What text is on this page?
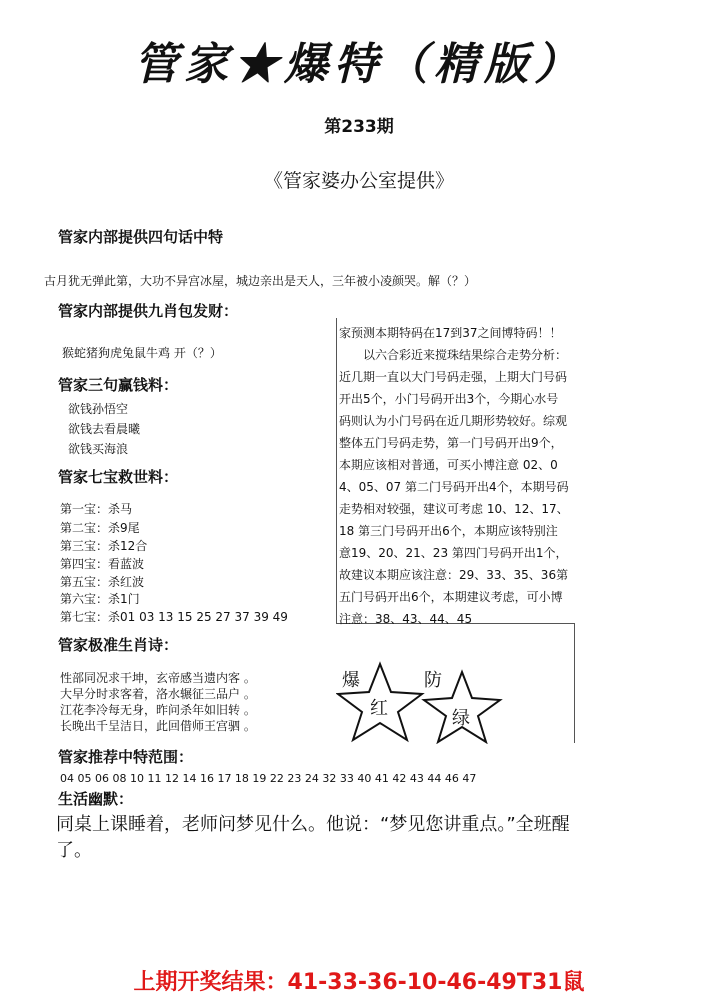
管家★爆特（精版）
第233期
《管家婆办公室提供》
管家内部提供四句话中特
古月犹无弹此第，大功不异宫冰屋，城边亲出是天人，三年被小凌颜哭。解（？）
管家内部提供九肖包发财：
猴蛇猪狗虎兔鼠牛鸡 开（？）
管家三句赢钱料：
欲钱孙悟空
欲钱去看晨曦
欲钱买海浪
管家七宝救世料：
第一宝：杀马
第二宝：杀9尾
第三宝：杀12合
第四宝：看蓝波
第五宝：杀红波
第六宝：杀1门
第七宝：杀01 03 13 15 25 27 37 39 49
管家极准生肖诗：
性部同况求干坤，玄帝感当遗内客 。
大早分时求客着，洛水辗征三品户 。
江花李冷每无身，昨问杀年如旧转 。
长晚出千呈洁日，此回借师王宫驷 。

家预测本期特码在17到37之间博特码！！

以六合彩近来搅珠结果综合走势分析：近几期一直以大门号码走强，上期大门号码开出5个，小门号码开出3个，今期心水号码则认为小门号码在近几期形势较好。综观整体五门号码走势，第一门号码开出9个，本期应该相对普通，可买小博注意 02、04、05、07 第二门号码开出4个，本期号码走势相对较强，建议可考虑 10、12、17、18 第三门号码开出6个，本期应该特别注意19、20、21、23 第四门号码开出1个，故建议本期应该注意：29、33、35、36第五门号码开出6个，本期建议考虑，可小博注意：38、43、44、45

爆	防
红	绿
管家推荐中特范围：
04 05 06 08 10 11 12 14 16 17 18 19 22 23 24 32 33 40 41 42 43 44 46 47
生活幽默：
同桌上课睡着，老师问梦见什么。他说：“梦见您讲重点。”全班醒了。
上期开奖结果：41-33-36-10-46-49T31鼠
